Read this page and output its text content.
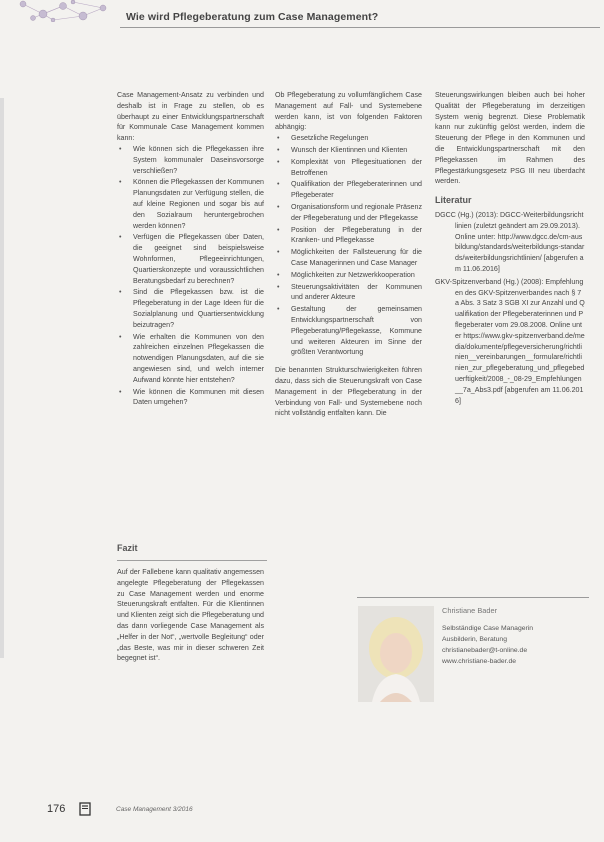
Wie wird Pflegeberatung zum Case Management?

Case Management-Ansatz zu verbinden und deshalb ist in Frage zu stellen, ob es überhaupt zu einer Entwicklungspartnerschaft für Kommunale Case Management kommen kann:

• Wie können sich die Pflegekassen ihre System kommunaler Daseinsvorsorge verschließen?
• Können die Pflegekassen der Kommunen Planungsdaten zur Verfügung stellen, die auf kleine Regionen und sogar bis auf den Sozialraum heruntergebrochen werden können?
• Verfügen die Pflegekassen über Daten, die geeignet sind beispielsweise Wohnformen, Pflegeeinrichtungen, Quartierskonzepte und voraussichtlichen Beratungsbedarf zu berechnen?
• Sind die Pflegekassen bzw. ist die Pflegeberatung in der Lage Ideen für die Sozialplanung und Quartiersentwicklung beizutragen?
• Wie erhalten die Kommunen von den zahlreichen einzelnen Pflegekassen die notwendigen Planungsdaten, auf die sie angewiesen sind, und welch interner Aufwand könnte hier entstehen?
• Wie können die Kommunen mit diesen Daten umgehen?
Fazit

Auf der Fallebene kann qualitativ angemessen angelegte Pflegeberatung der Pflegekassen zu Case Management werden und enorme Steuerungskraft entfalten. Für die Klientinnen und Klienten zeigt sich die Pflegeberatung und das dann vorliegende Case Management als „Helfer in der Not“, „wertvolle Begleitung“ oder „das Beste, was mir in dieser schweren Zeit begegnet ist“.

Ob Pflegeberatung zu vollumfänglichem Case Management auf Fall- und Systemebene werden kann, ist von folgenden Faktoren abhängig:

• Gesetzliche Regelungen
• Wunsch der Klientinnen und Klienten
• Komplexität von Pflegesituationen der Betroffenen
• Qualifikation der Pflegeberaterinnen und Pflegeberater
• Organisationsform und regionale Präsenz der Pflegeberatung und der Pflegekasse
• Position der Pflegeberatung in der Kranken- und Pflegekasse
• Möglichkeiten der Fallsteuerung für die Case Managerinnen und Case Manager
• Möglichkeiten zur Netzwerkkooperation
• Steuerungsaktivitäten der Kommunen und anderer Akteure
• Gestaltung der gemeinsamen Entwicklungspartnerschaft von Pflegeberatung/Pflegekasse, Kommune und weiteren Akteuren im Sinne der größten Verantwortung

Die benannten Strukturschwierigkeiten führen dazu, dass sich die Steuerungskraft von Case Management in der Pflegeberatung in der Verbindung von Fall- und Systemebene noch nicht vollständig entfalten kann. Die

Steuerungswirkungen bleiben auch bei hoher Qualität der Pflegeberatung im derzeitigen System wenig begrenzt. Diese Problematik kann nur zukünftig gelöst werden, indem die Steuerung der Pflege in den Kommunen und die Entwicklungspartnerschaft mit den Pflegekassen im Rahmen des Pflegestärkungsgesetz PSG III neu überdacht werden.

Literatur

DGCC (Hg.) (2013): DGCC-Weiterbildungsrichtlinien (zuletzt geändert am 29.09.2013). Online unter: http://www.dgcc.de/cm-ausbildung/standards/weiterbildungs-standards/weiterbildungsrichtlinien/ [abgerufen am 11.06.2016]

GKV-Spitzenverband (Hg.) (2008): Empfehlungen des GKV-Spitzenverbandes nach § 7a Abs. 3 Satz 3 SGB XI zur Anzahl und Qualifikation der Pflegeberaterinnen und Pflegeberater vom 29.08.2008. Online unter https://www.gkv-spitzenverband.de/media/dokumente/pflegeversicherung/richtlinien__vereinbarungen__formulare/richtlinien_zur_pflegeberatung_und_pflegebeduerftigkeit/2008_-_08-29_Empfehlungen__7a_Abs3.pdf [abgerufen am 11.06.2016]

Christiane Bader
Selbständige Case Managerin
Ausbilderin, Beratung
christianebader@t-online.de
www.christiane-bader.de
176	Case Management 3/2016
